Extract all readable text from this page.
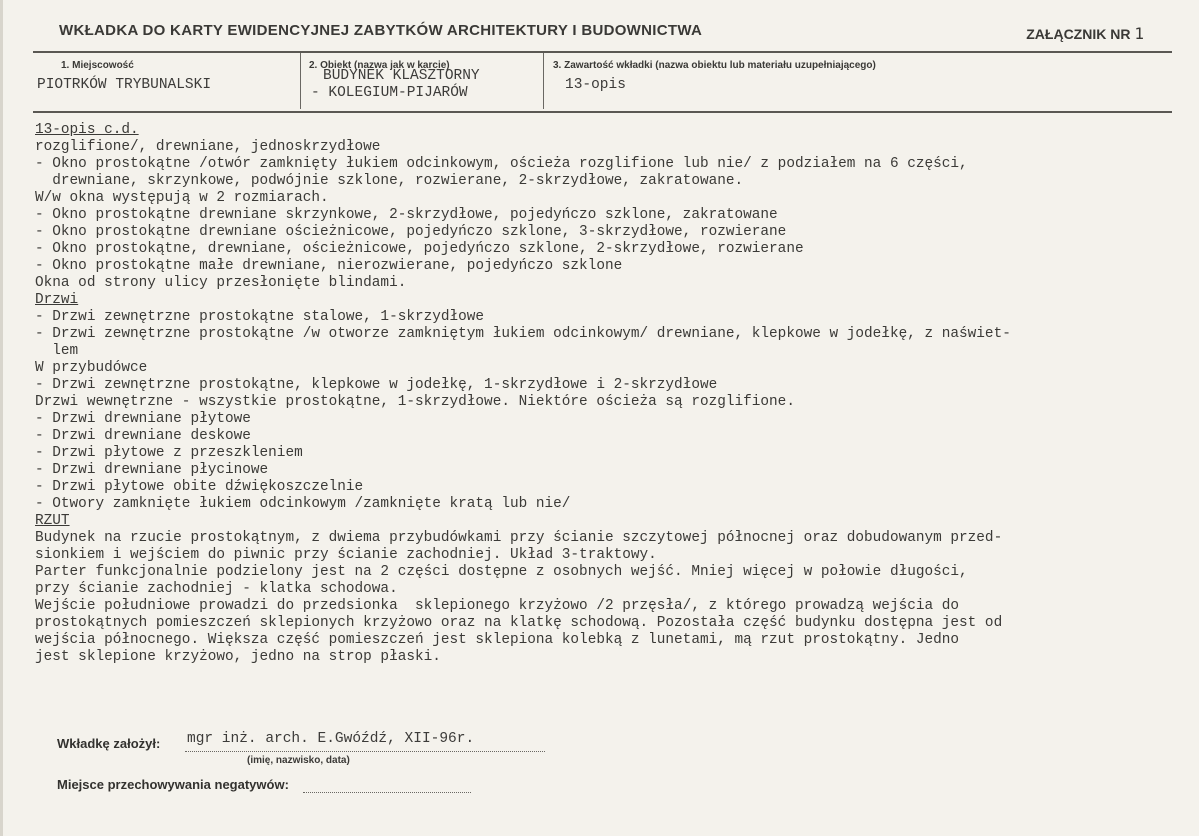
WKŁADKA DO KARTY EWIDENCYJNEJ ZABYTKÓW ARCHITEKTURY I BUDOWNICTWA	ZAŁĄCZNIK NR 1
1. Miejscowość
PIOTRKÓW TRYBUNALSKI
2. Obiekt (nazwa jak w karcie)
BUDYNEK KLASZTORNY
- KOLEGIUM-PIJARÓW
3. Zawartość wkładki (nazwa obiektu lub materiału uzupełniającego)
13-opis
13-opis c.d.
rozglifione/, drewniane, jednoskrzydłowe
- Okno prostokątne /otwór zamknięty łukiem odcinkowym, ościeża rozglifione lub nie/ z podziałem na 6 części,
drewniane, skrzynkowe, podwójnie szklone, rozwierane, 2-skrzydłowe, zakratowane.
W/w okna występują w 2 rozmiarach.
- Okno prostokątne drewniane skrzynkowe, 2-skrzydłowe, pojedyńczo szklone, zakratowane
- Okno prostokątne drewniane ościeżnicowe, pojedyńczo szklone, 3-skrzydłowe, rozwierane
- Okno prostokątne, drewniane, ościeżnicowe, pojedyńczo szklone, 2-skrzydłowe, rozwierane
- Okno prostokątne małe drewniane, nierozwierane, pojedyńczo szklone
Okna od strony ulicy przesłonięte blindami.
Drzwi
- Drzwi zewnętrzne prostokątne stalowe, 1-skrzydłowe
- Drzwi zewnętrzne prostokątne /w otworze zamkniętym łukiem odcinkowym/ drewniane, klepkowe w jodełkę, z naświet-
lem
W przybudówce
- Drzwi zewnętrzne prostokątne, klepkowe w jodełkę, 1-skrzydłowe i 2-skrzydłowe
Drzwi wewnętrzne - wszystkie prostokątne, 1-skrzydłowe. Niektóre ościeża są rozglifione.
- Drzwi drewniane płytowe
- Drzwi drewniane deskowe
- Drzwi płytowe z przeszkleniem
- Drzwi drewniane płycinowe
- Drzwi płytowe obite dźwiękoszczelnie
- Otwory zamknięte łukiem odcinkowym /zamknięte kratą lub nie/
RZUT
Budynek na rzucie prostokątnym, z dwiema przybudówkami przy ścianie szczytowej północnej oraz dobudowanym przed-
sionkiem i wejściem do piwnic przy ścianie zachodniej. Układ 3-traktowy.
Parter funkcjonalnie podzielony jest na 2 części dostępne z osobnych wejść. Mniej więcej w połowie długości,
przy ścianie zachodniej - klatka schodowa.
Wejście południowe prowadzi do przedsionka  sklepionego krzyżowo /2 przęsła/, z którego prowadzą wejścia do
prostokątnych pomieszczeń sklepionych krzyżowo oraz na klatkę schodową. Pozostała część budynku dostępna jest od
wejścia północnego. Większa część pomieszczeń jest sklepiona kolebką z lunetami, mą rzut prostokątny. Jedno
jest sklepione krzyżowo, jedno na strop płaski.
Wkładkę założył: mgr inż. arch. E.Gwóźdź, XII-96r.
(imię, nazwisko, data)
Miejsce przechowywania negatywów:
